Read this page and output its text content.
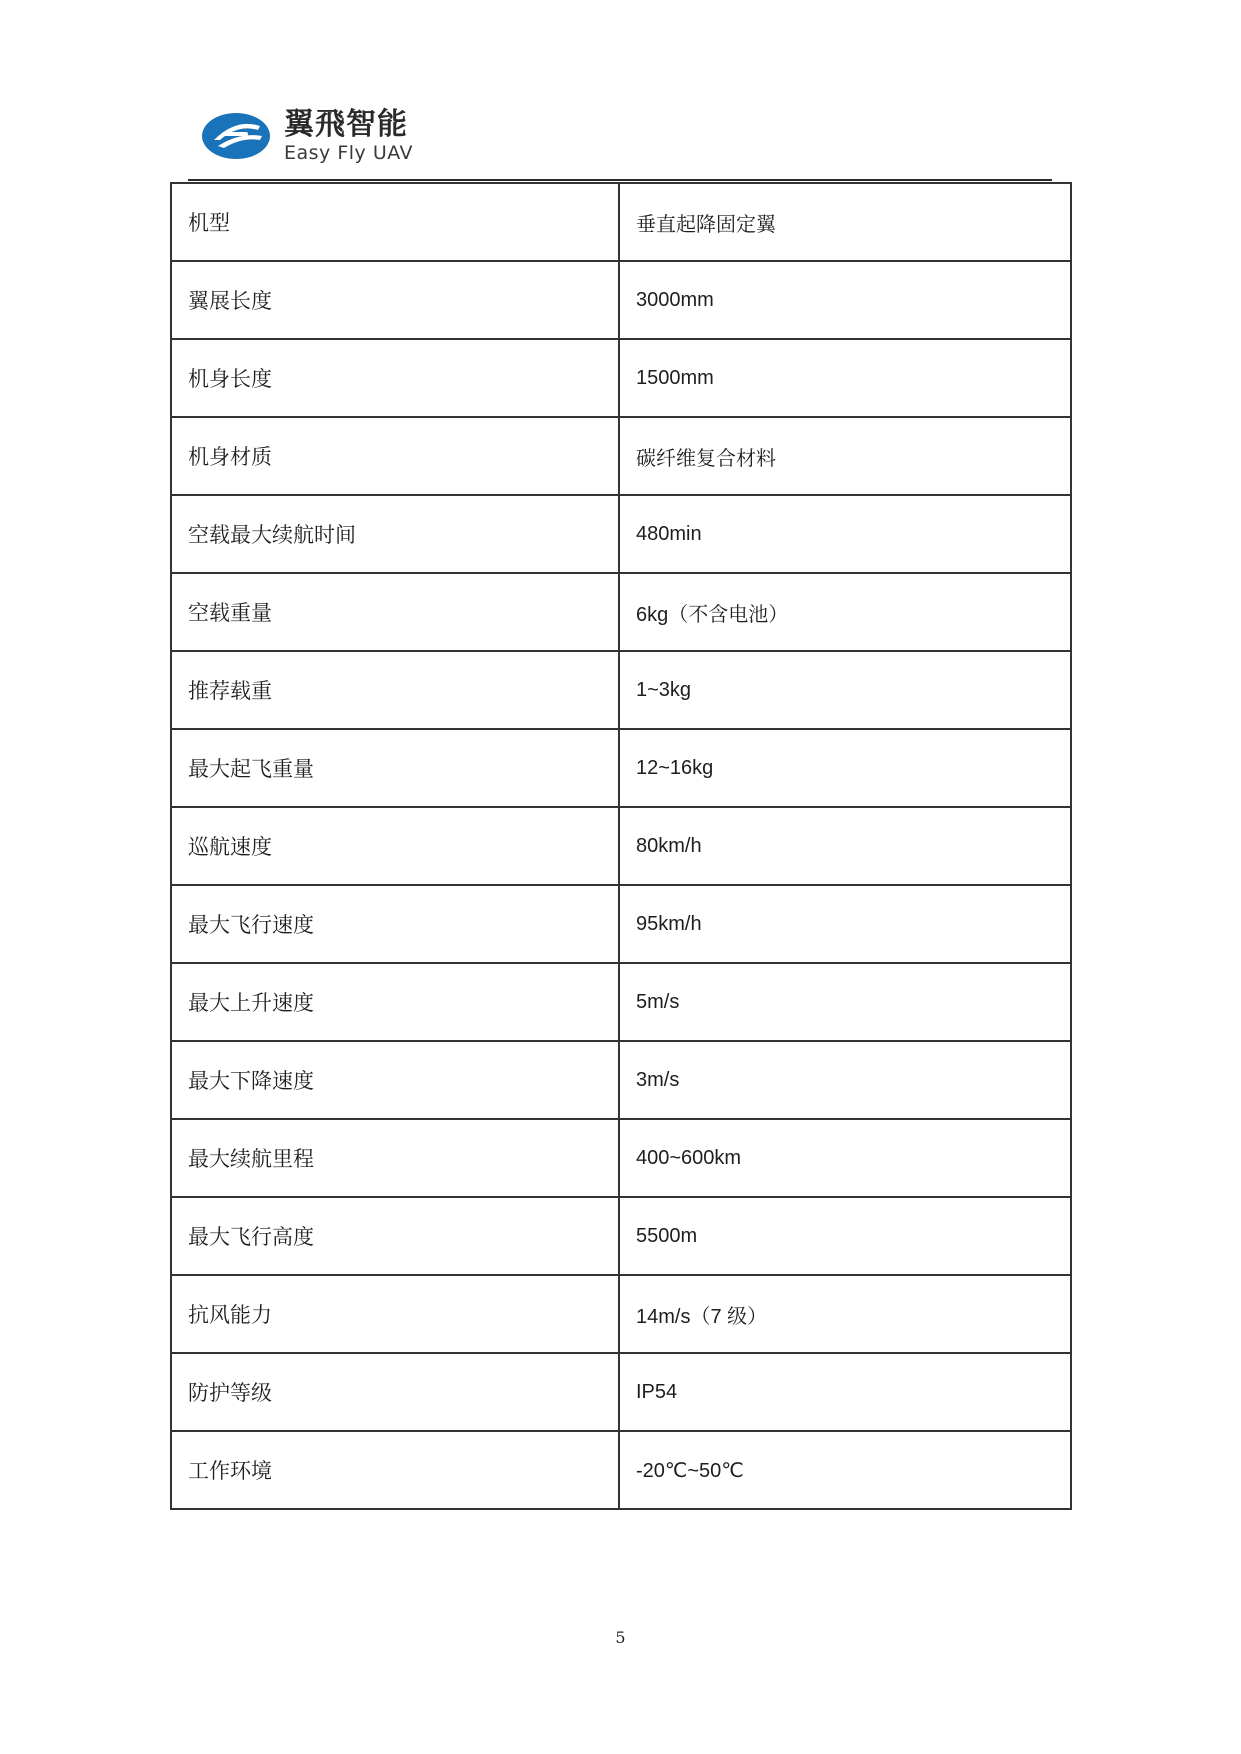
翼飛智能
Easy Fly UAV
机型	垂直起降固定翼
翼展长度	3000mm
机身长度	1500mm
机身材质	碳纤维复合材料
空载最大续航时间	480min
空载重量	6kg（不含电池）
推荐载重	1~3kg
最大起飞重量	12~16kg
巡航速度	80km/h
最大飞行速度	95km/h
最大上升速度	5m/s
最大下降速度	3m/s
最大续航里程	400~600km
最大飞行高度	5500m
抗风能力	14m/s（7 级）
防护等级	IP54
工作环境	-20℃~50℃
5
